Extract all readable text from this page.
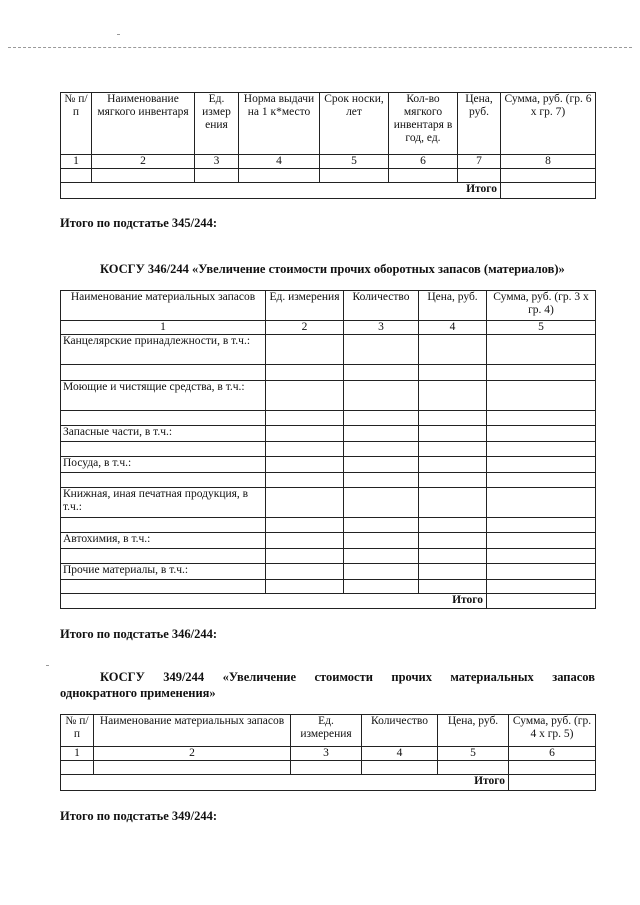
№ п/п	Наименование мягкого инвентаря	Ед. измер ения	Норма выдачи на 1 к*место	Срок носки, лет	Кол-во мягкого инвентаря в год, ед.	Цена, руб.	Сумма, руб. (гр. 6 х гр. 7)
1	2	3	4	5	6	7	8

Итого							

Итого по подстатье 345/244:

КОСГУ 346/244 «Увеличение стоимости прочих оборотных запасов (материалов)»

Наименование материальных запасов	Ед. измерения	Количество	Цена, руб.	Сумма, руб. (гр. 3 х гр. 4)
1	2	3	4	5
Канцелярские принадлежности, в т.ч.:				

Моющие и чистящие средства, в т.ч.:				

Запасные части, в т.ч.:				

Посуда, в т.ч.:				

Книжная, иная печатная продукция, в т.ч.:				

Автохимия, в т.ч.:				

Прочие материалы, в т.ч.:				

Итого				

Итого по подстатье 346/244:

КОСГУ 349/244 «Увеличение стоимости прочих материальных запасов

однократного применения»

№ п/п	Наименование материальных запасов	Ед. измерения	Количество	Цена, руб.	Сумма, руб. (гр. 4 х гр. 5)
1	2	3	4	5	6

Итого					

Итого по подстатье 349/244:
